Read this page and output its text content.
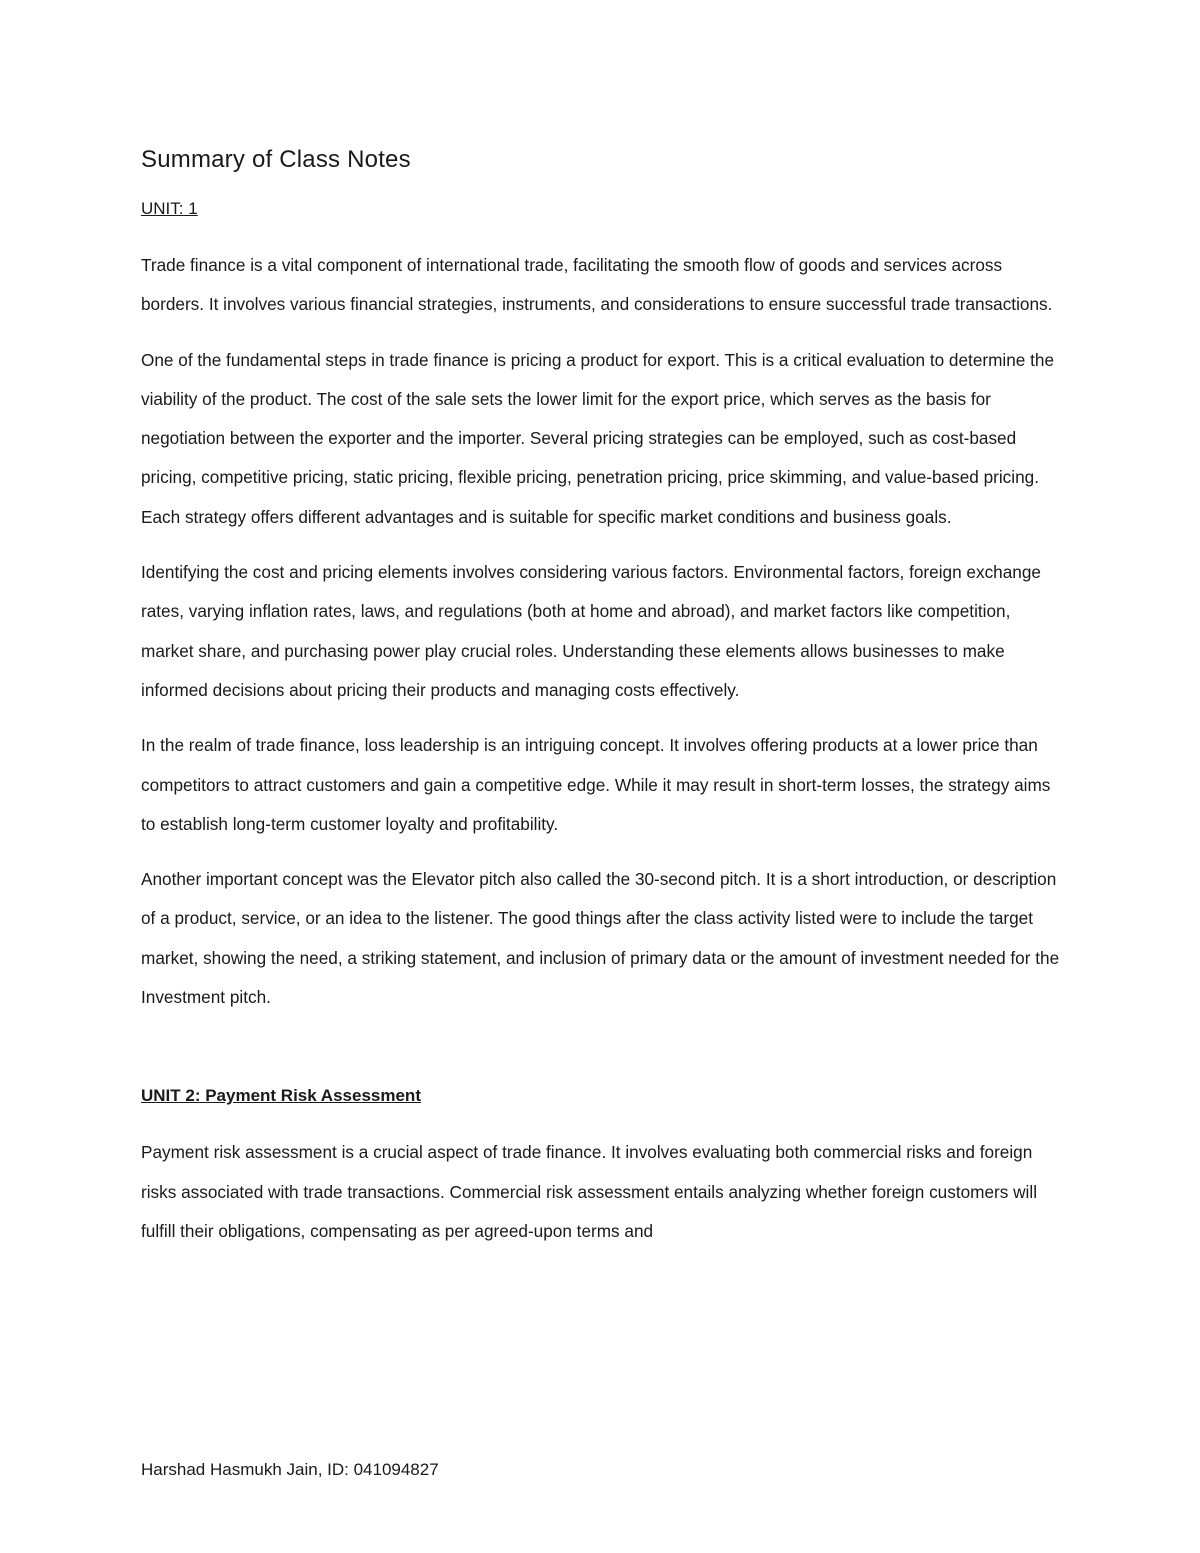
Summary of Class Notes
UNIT: 1

Trade finance is a vital component of international trade, facilitating the smooth flow of goods and services across borders. It involves various financial strategies, instruments, and considerations to ensure successful trade transactions.

One of the fundamental steps in trade finance is pricing a product for export. This is a critical evaluation to determine the viability of the product. The cost of the sale sets the lower limit for the export price, which serves as the basis for negotiation between the exporter and the importer. Several pricing strategies can be employed, such as cost-based pricing, competitive pricing, static pricing, flexible pricing, penetration pricing, price skimming, and value-based pricing. Each strategy offers different advantages and is suitable for specific market conditions and business goals.

Identifying the cost and pricing elements involves considering various factors. Environmental factors, foreign exchange rates, varying inflation rates, laws, and regulations (both at home and abroad), and market factors like competition, market share, and purchasing power play crucial roles. Understanding these elements allows businesses to make informed decisions about pricing their products and managing costs effectively.

In the realm of trade finance, loss leadership is an intriguing concept. It involves offering products at a lower price than competitors to attract customers and gain a competitive edge. While it may result in short-term losses, the strategy aims to establish long-term customer loyalty and profitability.

Another important concept was the Elevator pitch also called the 30-second pitch. It is a short introduction, or description of a product, service, or an idea to the listener. The good things after the class activity listed were to include the target market, showing the need, a striking statement, and inclusion of primary data or the amount of investment needed for the Investment pitch.

UNIT 2: Payment Risk Assessment

Payment risk assessment is a crucial aspect of trade finance. It involves evaluating both commercial risks and foreign risks associated with trade transactions. Commercial risk assessment entails analyzing whether foreign customers will fulfill their obligations, compensating as per agreed-upon terms and

Harshad Hasmukh Jain, ID: 041094827
